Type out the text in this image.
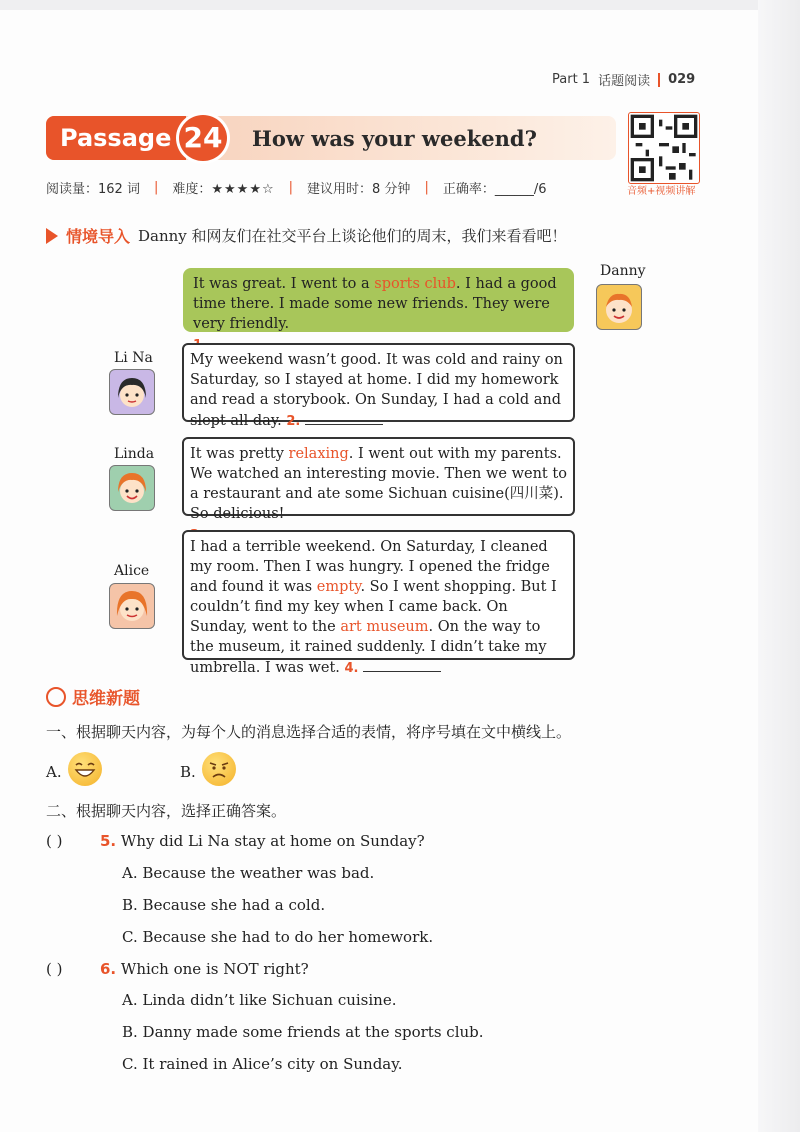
Part 1 话题阅读 029
Passage 24	How was your weekend?
音频+视频讲解
阅读量：162 词 | 难度：★★★★☆ | 建议用时：8 分钟 | 正确率：______/6
情境导入 Danny 和网友们在社交平台上谈论他们的周末，我们来看看吧！
Danny
It was great. I went to a sports club. I had a good time there. I made some new friends. They were very friendly.

Li Na	My weekend wasn’t good. It was cold and rainy on Saturday, so I stayed at home. I did my homework and read a storybook. On Sunday, I had a cold and slept all day. 2.
Linda	It was pretty relaxing. I went out with my parents. We watched an interesting movie. Then we went to a restaurant and ate some Sichuan cuisine(四川菜). So delicious!

Alice
I had a terrible weekend. On Saturday, I cleaned my room. Then I was hungry. I opened the fridge and found it was empty. So I went shopping. But I couldn’t find my key when I came back. On Sunday, went to the art museum. On the way to the museum, it rained suddenly. I didn’t take my umbrella. I was wet. 4.
思维新题
一、根据聊天内容，为每个人的消息选择合适的表情，将序号填在文中横线上。
A.	B.
二、根据聊天内容，选择正确答案。
( )	5. Why did Li Na stay at home on Sunday?
A. Because the weather was bad.
B. Because she had a cold.
C. Because she had to do her homework.
( )	6. Which one is NOT right?
A. Linda didn’t like Sichuan cuisine.
B. Danny made some friends at the sports club.
C. It rained in Alice’s city on Sunday.
